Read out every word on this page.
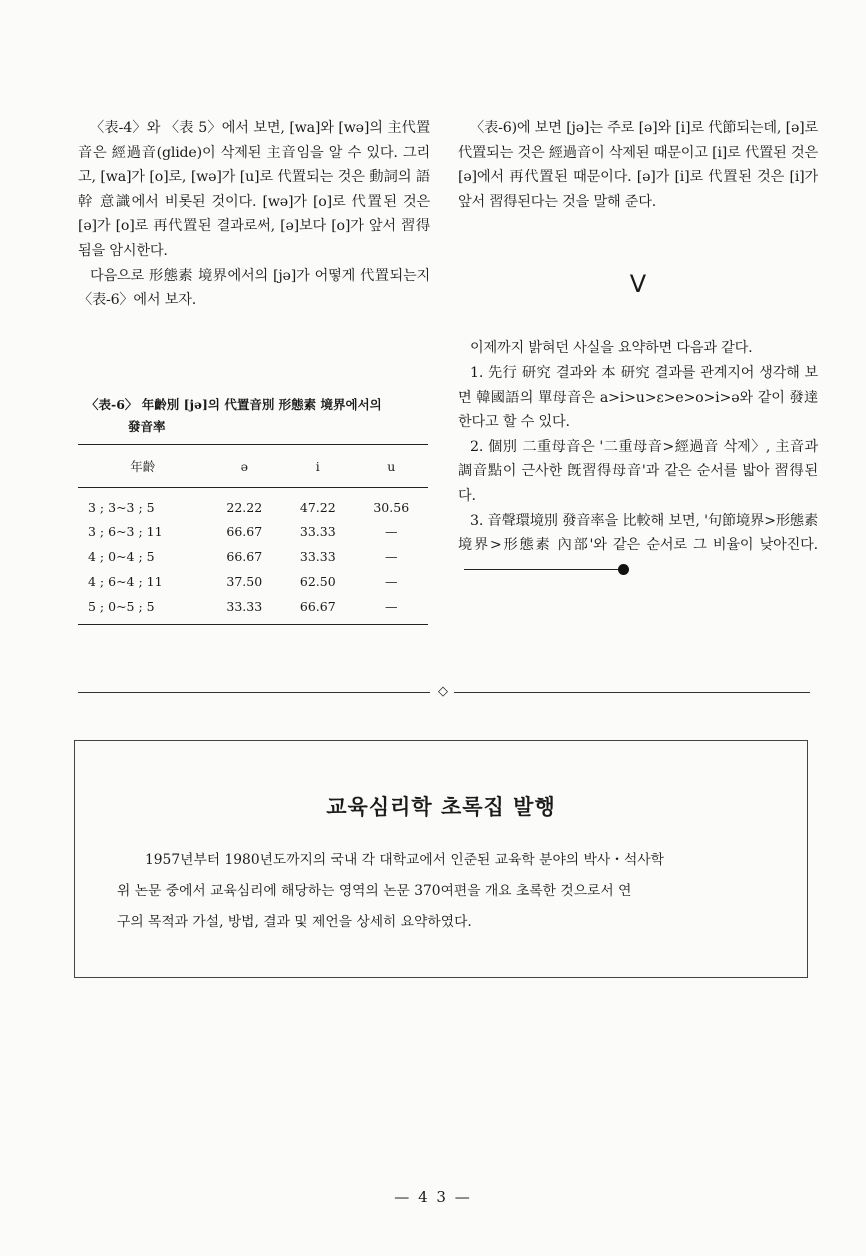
〈表-4〉와 〈表 5〉에서 보면, [wa]와 [wə]의 主代置音은 經過音(glide)이 삭제된 主音임을 알 수 있다. 그리고, [wa]가 [o]로, [wə]가 [u]로 代置되는 것은 動詞의 語幹 意識에서 비롯된 것이다. [wə]가 [o]로 代置된 것은 [ə]가 [o]로 再代置된 결과로써, [ə]보다 [o]가 앞서 習得됨을 암시한다.

다음으로 形態素 境界에서의 [jə]가 어떻게 代置되는지 〈表-6〉에서 보자.

〈表-6〉 年齡別 [jə]의 代置音別 形態素 境界에서의
發音率
年齡	ə	i	u
3 ; 3~3 ; 5	22.22	47.22	30.56
3 ; 6~3 ; 11	66.67	33.33	—
4 ; 0~4 ; 5	66.67	33.33	—
4 ; 6~4 ; 11	37.50	62.50	—
5 ; 0~5 ; 5	33.33	66.67	—

〈表-6)에 보면 [jə]는 주로 [ə]와 [i]로 代節되는데, [ə]로 代置되는 것은 經過音이 삭제된 때문이고 [i]로 代置된 것은 [ə]에서 再代置된 때문이다. [ə]가 [i]로 代置된 것은 [i]가 앞서 習得된다는 것을 말해 준다.

이제까지 밝혀던 사실을 요약하면 다음과 같다.

1. 先行 研究 결과와 本 研究 결과를 관계지어 생각해 보면 韓國語의 單母音은 a>i>u>ε>e>o>i>ə와 같이 發達한다고 할 수 있다.

2. 個別 二重母音은 '二重母音>經過音 삭제〉, 主音과 調音點이 근사한 旣習得母音'과 같은 순서를 밟아 習得된다.

3. 音聲環境別 發音率을 比較해 보면, '句節境界>形態素 境界>形態素 內部'와 같은 순서로 그 비율이 낮아진다.

V
◇
교육심리학 초록집 발행
1957년부터 1980년도까지의 국내 각 대학교에서 인준된 교육학 분야의 박사・석사학
위 논문 중에서 교육심리에 해당하는 영역의 논문 370여편을 개요 초록한 것으로서 연
구의 목적과 가설, 방법, 결과 및 제언을 상세히 요약하였다.
— 4 3 —
